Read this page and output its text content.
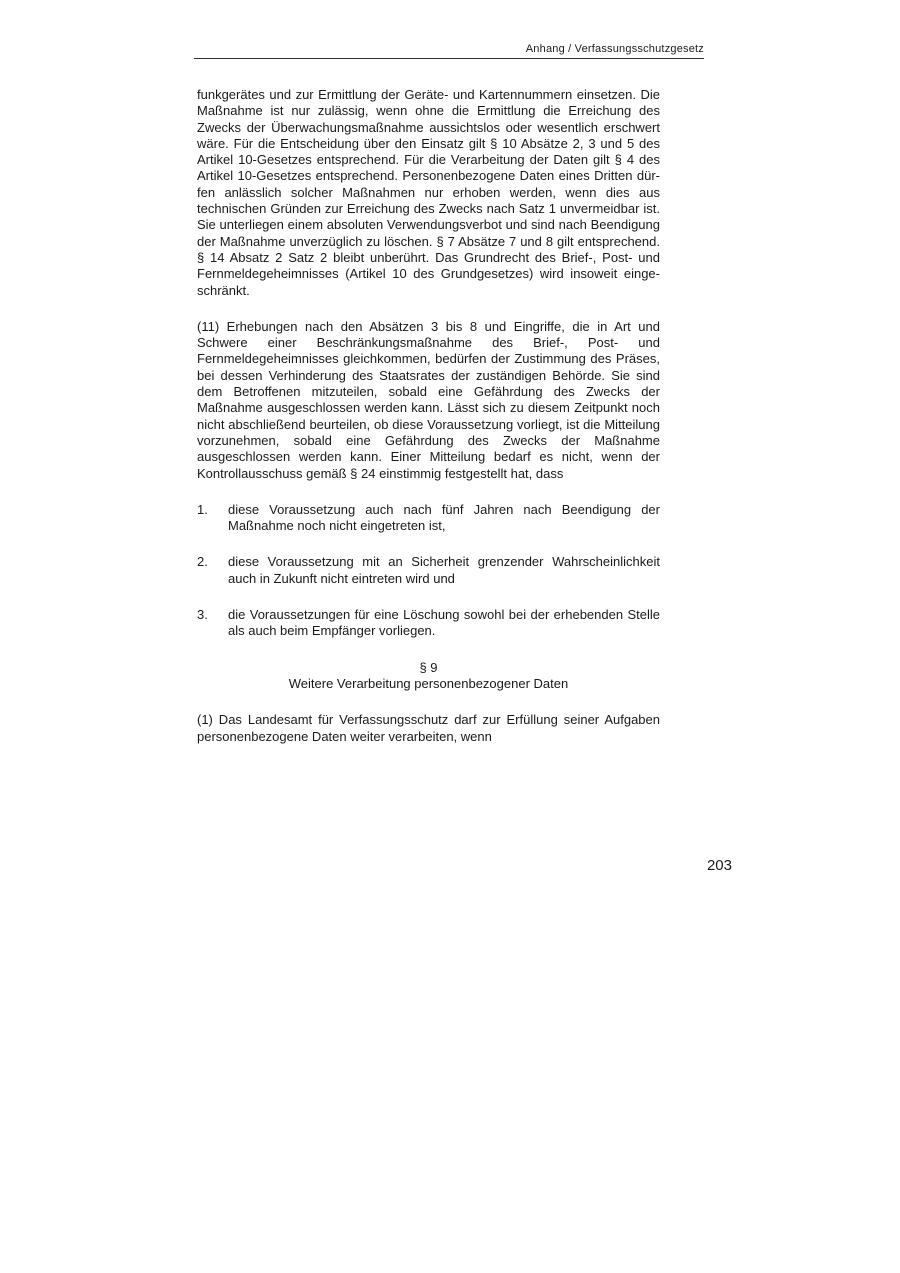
Anhang / Verfassungsschutzgesetz

funkgerätes und zur Ermittlung der Geräte- und Kartennummern einsetzen. Die Maßnahme ist nur zulässig, wenn ohne die Ermittlung die Erreichung des Zwecks der Überwachungsmaßnahme aussichtslos oder wesentlich erschwert wäre. Für die Entscheidung über den Einsatz gilt § 10 Absätze 2, 3 und 5 des Artikel 10-Gesetzes entsprechend. Für die Verarbeitung der Daten gilt § 4 des Artikel 10-Gesetzes entsprechend. Personenbezogene Daten eines Dritten dürfen anlässlich solcher Maßnahmen nur erhoben werden, wenn dies aus technischen Gründen zur Erreichung des Zwecks nach Satz 1 unvermeidbar ist. Sie unterliegen einem absoluten Verwendungsverbot und sind nach Beendigung der Maßnahme unverzüglich zu löschen. § 7 Absätze 7 und 8 gilt entsprechend. § 14 Absatz 2 Satz 2 bleibt unberührt. Das Grundrecht des Brief-, Post- und Fernmeldegeheimnisses (Artikel 10 des Grundgesetzes) wird insoweit eingeschränkt.

(11) Erhebungen nach den Absätzen 3 bis 8 und Eingriffe, die in Art und Schwere einer Beschränkungsmaßnahme des Brief-, Post- und Fernmeldegeheimnisses gleichkommen, bedürfen der Zustimmung des Präses, bei dessen Verhinderung des Staatsrates der zuständigen Behörde. Sie sind dem Betroffenen mitzuteilen, sobald eine Gefährdung des Zwecks der Maßnahme ausgeschlossen werden kann. Lässt sich zu diesem Zeitpunkt noch nicht abschließend beurteilen, ob diese Voraussetzung vorliegt, ist die Mitteilung vorzunehmen, sobald eine Gefährdung des Zwecks der Maßnahme ausgeschlossen werden kann. Einer Mitteilung bedarf es nicht, wenn der Kontrollausschuss gemäß § 24 einstimmig festgestellt hat, dass

1. diese Voraussetzung auch nach fünf Jahren nach Beendigung der Maßnahme noch nicht eingetreten ist,
2. diese Voraussetzung mit an Sicherheit grenzender Wahrscheinlichkeit auch in Zukunft nicht eintreten wird und
3. die Voraussetzungen für eine Löschung sowohl bei der erhebenden Stelle als auch beim Empfänger vorliegen.
§ 9
Weitere Verarbeitung personenbezogener Daten

(1) Das Landesamt für Verfassungsschutz darf zur Erfüllung seiner Aufgaben personenbezogene Daten weiter verarbeiten, wenn

203
